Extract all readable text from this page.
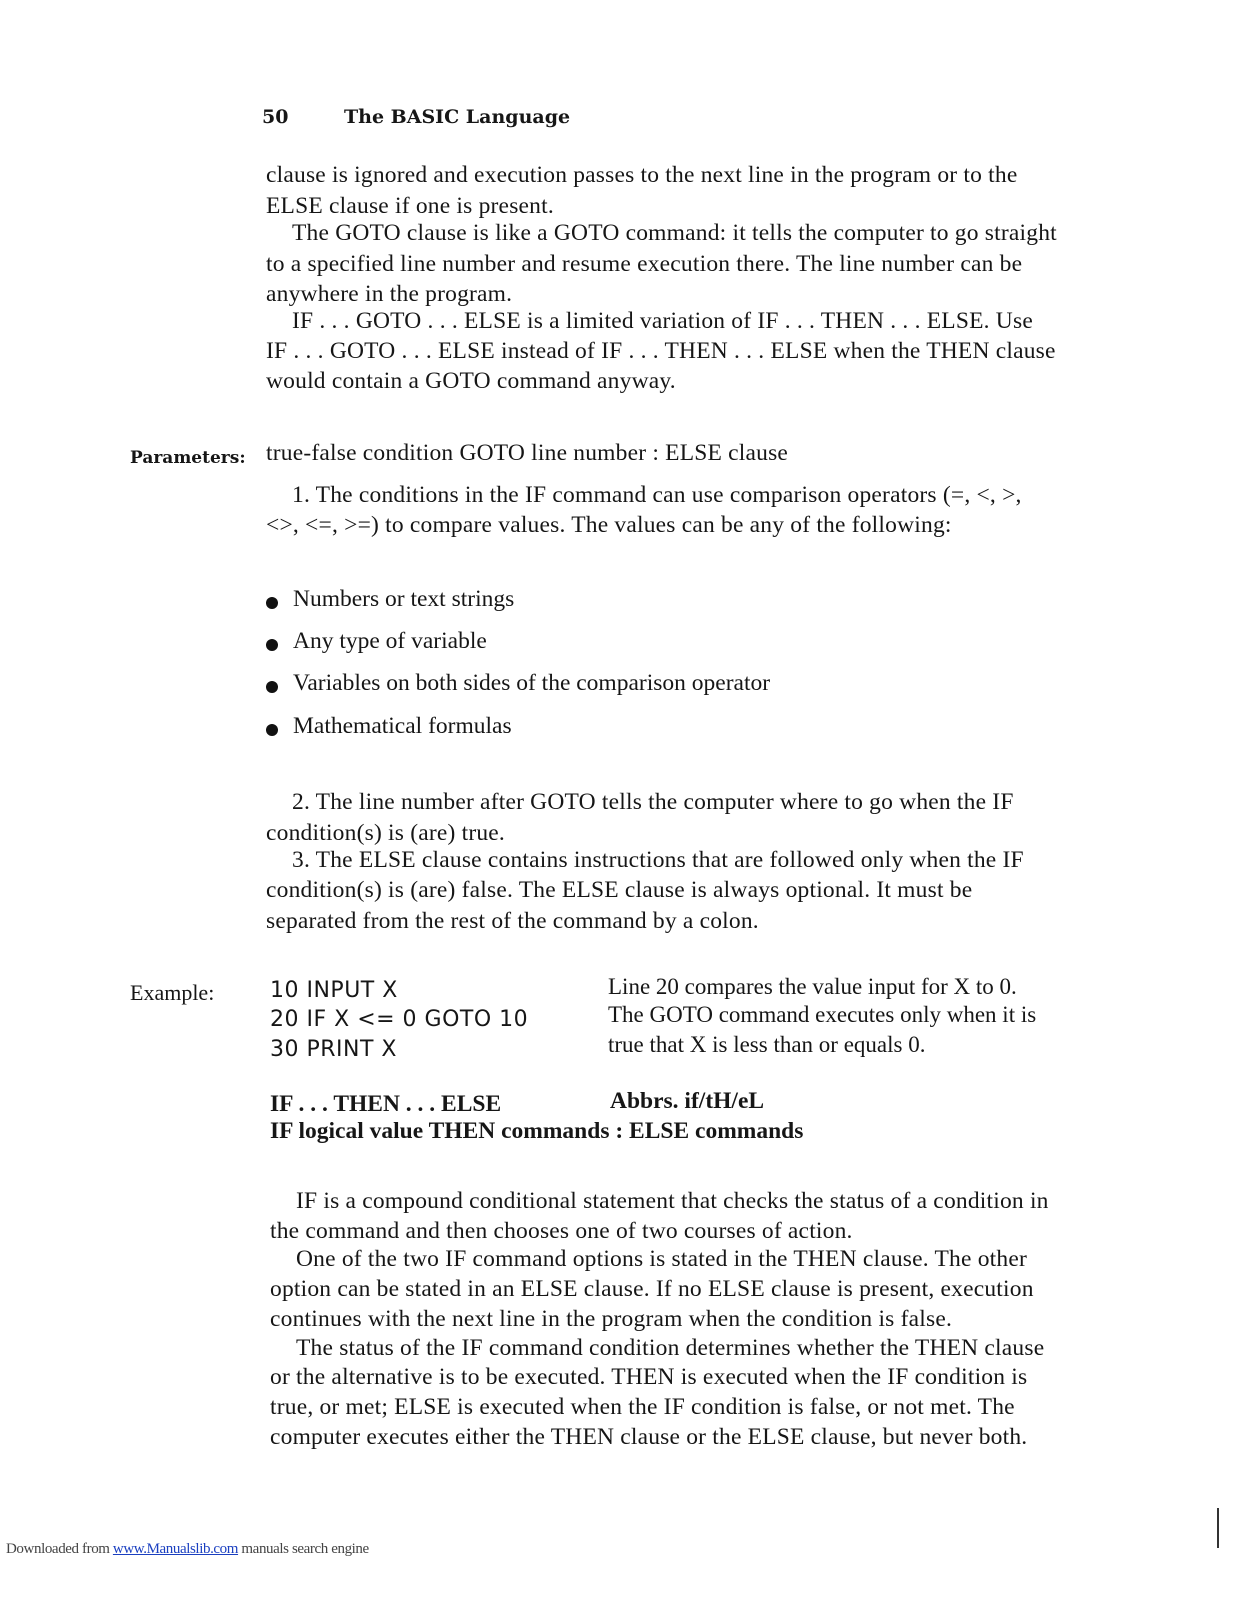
50	The BASIC Language
clause is ignored and execution passes to the next line in the program or to the
ELSE clause if one is present.
The GOTO clause is like a GOTO command: it tells the computer to go straight
to a specified line number and resume execution there. The line number can be
anywhere in the program.
IF . . . GOTO . . . ELSE is a limited variation of IF . . . THEN . . . ELSE. Use
IF . . . GOTO . . . ELSE instead of IF . . . THEN . . . ELSE when the THEN clause
would contain a GOTO command anyway.
Parameters: true-false condition GOTO line number : ELSE clause
1. The conditions in the IF command can use comparison operators (=, <, >,
<>, <=, >=) to compare values. The values can be any of the following:
Numbers or text strings
Any type of variable
Variables on both sides of the comparison operator
Mathematical formulas
2. The line number after GOTO tells the computer where to go when the IF
condition(s) is (are) true.
3. The ELSE clause contains instructions that are followed only when the IF
condition(s) is (are) false. The ELSE clause is always optional. It must be
separated from the rest of the command by a colon.
Example:	10 INPUT X
20 IF X <= 0 GOTO 10
30 PRINT X
Line 20 compares the value input for X to 0.
The GOTO command executes only when it is
true that X is less than or equals 0.
IF . . . THEN . . . ELSE	Abbrs. if/tH/eL
IF logical value THEN commands : ELSE commands
IF is a compound conditional statement that checks the status of a condition in
the command and then chooses one of two courses of action.
One of the two IF command options is stated in the THEN clause. The other
option can be stated in an ELSE clause. If no ELSE clause is present, execution
continues with the next line in the program when the condition is false.
The status of the IF command condition determines whether the THEN clause
or the alternative is to be executed. THEN is executed when the IF condition is
true, or met; ELSE is executed when the IF condition is false, or not met. The
computer executes either the THEN clause or the ELSE clause, but never both.
Downloaded from www.Manualslib.com manuals search engine
